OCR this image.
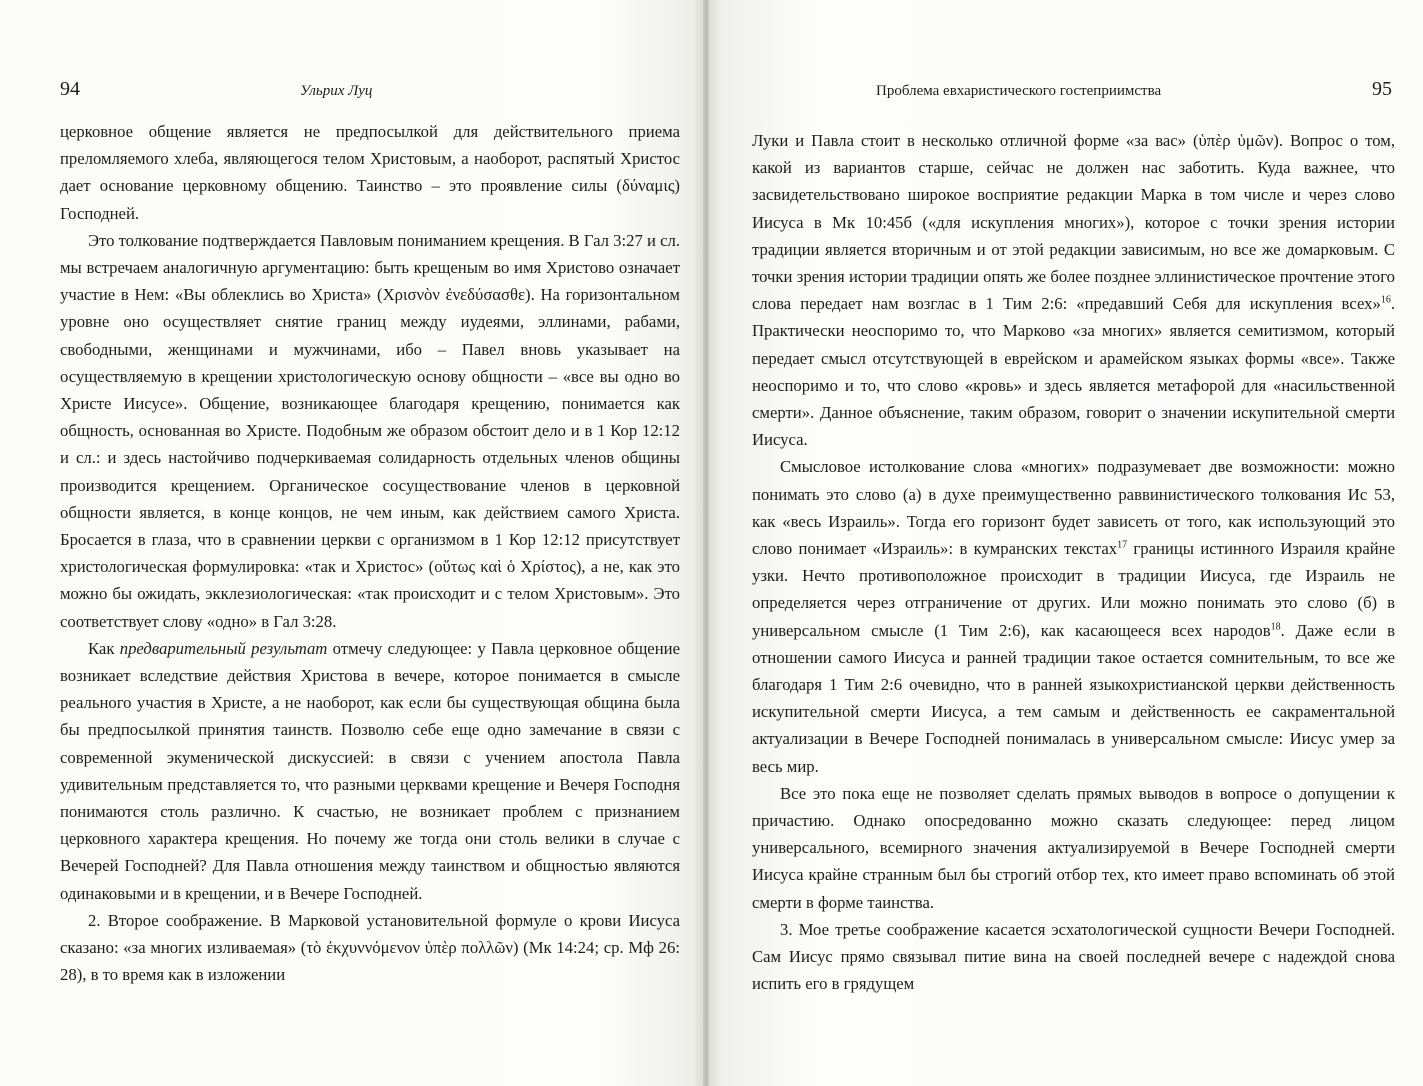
94	Ульрих Луц

церковное общение является не предпосылкой для действительного приема преломляемого хлеба, являющегося телом Христовым, а наоборот, распятый Христос дает основание церковному общению. Таинство – это проявление силы (δύναμις) Господней.

Это толкование подтверждается Павловым пониманием крещения. В Гал 3:27 и сл. мы встречаем аналогичную аргументацию: быть крещеным во имя Христово означает участие в Нем: «Вы облеклись во Христа» (Χρισνὸν ἐνεδύσασθε). На горизонтальном уровне оно осуществляет снятие границ между иудеями, эллинами, рабами, свободными, женщинами и мужчинами, ибо – Павел вновь указывает на осуществляемую в крещении христологическую основу общности – «все вы одно во Христе Иисусе». Общение, возникающее благодаря крещению, понимается как общность, основанная во Христе. Подобным же образом обстоит дело и в 1 Кор 12:12 и сл.: и здесь настойчиво подчеркиваемая солидарность отдельных членов общины производится крещением. Органическое сосуществование членов в церковной общности является, в конце концов, не чем иным, как действием самого Христа. Бросается в глаза, что в сравнении церкви с организмом в 1 Кор 12:12 присутствует христологическая формулировка: «так и Христос» (οὕτως καὶ ὁ Χρίστος), а не, как это можно бы ожидать, экклезиологическая: «так происходит и с телом Христовым». Это соответствует слову «одно» в Гал 3:28.

Как предварительный результат отмечу следующее: у Павла церковное общение возникает вследствие действия Христова в вечере, которое понимается в смысле реального участия в Христе, а не наоборот, как если бы существующая община была бы предпосылкой принятия таинств. Позволю себе еще одно замечание в связи с современной экуменической дискуссией: в связи с учением апостола Павла удивительным представляется то, что разными церквами крещение и Вечеря Господня понимаются столь различно. К счастью, не возникает проблем с признанием церковного характера крещения. Но почему же тогда они столь велики в случае с Вечерей Господней? Для Павла отношения между таинством и общностью являются одинаковыми и в крещении, и в Вечере Господней.

2. Второе соображение. В Марковой установительной формуле о крови Иисуса сказано: «за многих изливаемая» (τὸ ἐκχυννόμενον ὑπὲρ πολλῶν) (Мк 14:24; ср. Мф 26: 28), в то время как в изложении

Проблема евхаристического гостеприимства	95

Луки и Павла стоит в несколько отличной форме «за вас» (ὑπὲρ ὑμῶν). Вопрос о том, какой из вариантов старше, сейчас не должен нас заботить. Куда важнее, что засвидетельствовано широкое восприятие редакции Марка в том числе и через слово Иисуса в Мк 10:45б («для искупления многих»), которое с точки зрения истории традиции является вторичным и от этой редакции зависимым, но все же домарковым. С точки зрения истории традиции опять же более позднее эллинистическое прочтение этого слова передает нам возглас в 1 Тим 2:6: «предавший Себя для искупления всех»$^{16}$. Практически неоспоримо то, что Марково «за многих» является семитизмом, который передает смысл отсутствующей в еврейском и арамейском языках формы «все». Также неоспоримо и то, что слово «кровь» и здесь является метафорой для «насильственной смерти». Данное объяснение, таким образом, говорит о значении искупительной смерти Иисуса.

Смысловое истолкование слова «многих» подразумевает две возможности: можно понимать это слово (а) в духе преимущественно раввинистического толкования Ис 53, как «весь Израиль». Тогда его горизонт будет зависеть от того, как использующий это слово понимает «Израиль»: в кумранских текстах$^{17}$ границы истинного Израиля крайне узки. Нечто противоположное происходит в традиции Иисуса, где Израиль не определяется через отграничение от других. Или можно понимать это слово (б) в универсальном смысле (1 Тим 2:6), как касающееся всех народов$^{18}$. Даже если в отношении самого Иисуса и ранней традиции такое остается сомнительным, то все же благодаря 1 Тим 2:6 очевидно, что в ранней языкохристианской церкви действенность искупительной смерти Иисуса, а тем самым и действенность ее сакраментальной актуализации в Вечере Господней понималась в универсальном смысле: Иисус умер за весь мир.

Все это пока еще не позволяет сделать прямых выводов в вопросе о допущении к причастию. Однако опосредованно можно сказать следующее: перед лицом универсального, всемирного значения актуализируемой в Вечере Господней смерти Иисуса крайне странным был бы строгий отбор тех, кто имеет право вспоминать об этой смерти в форме таинства.

3. Мое третье соображение касается эсхатологической сущности Вечери Господней. Сам Иисус прямо связывал питие вина на своей последней вечере с надеждой снова испить его в грядущем
